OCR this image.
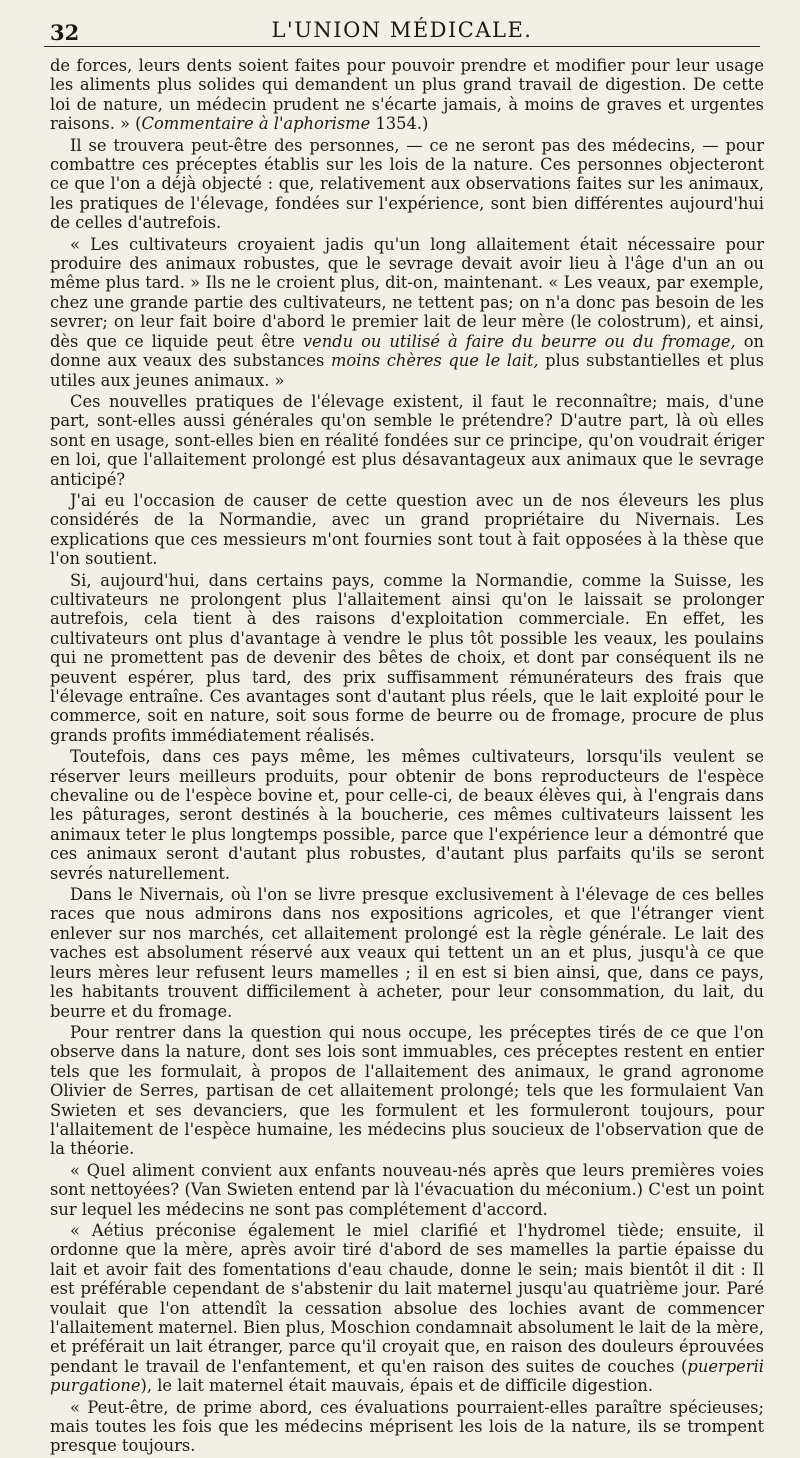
32	L'UNION MÉDICALE.

de forces, leurs dents soient faites pour pouvoir prendre et modifier pour leur usage les aliments plus solides qui demandent un plus grand travail de digestion. De cette loi de nature, un médecin prudent ne s'écarte jamais, à moins de graves et urgentes raisons. » (Commentaire à l'aphorisme 1354.)

Il se trouvera peut-être des personnes, — ce ne seront pas des médecins, — pour combattre ces préceptes établis sur les lois de la nature. Ces personnes objecteront ce que l'on a déjà objecté : que, relativement aux observations faites sur les animaux, les pratiques de l'élevage, fondées sur l'expérience, sont bien différentes aujourd'hui de celles d'autrefois.

« Les cultivateurs croyaient jadis qu'un long allaitement était nécessaire pour produire des animaux robustes, que le sevrage devait avoir lieu à l'âge d'un an ou même plus tard. » Ils ne le croient plus, dit-on, maintenant. « Les veaux, par exemple, chez une grande partie des cultivateurs, ne tettent pas; on n'a donc pas besoin de les sevrer; on leur fait boire d'abord le premier lait de leur mère (le colostrum), et ainsi, dès que ce liquide peut être vendu ou utilisé à faire du beurre ou du fromage, on donne aux veaux des substances moins chères que le lait, plus substantielles et plus utiles aux jeunes animaux. »

Ces nouvelles pratiques de l'élevage existent, il faut le reconnaître; mais, d'une part, sont-elles aussi générales qu'on semble le prétendre? D'autre part, là où elles sont en usage, sont-elles bien en réalité fondées sur ce principe, qu'on voudrait ériger en loi, que l'allaitement prolongé est plus désavantageux aux animaux que le sevrage anticipé?

J'ai eu l'occasion de causer de cette question avec un de nos éleveurs les plus considérés de la Normandie, avec un grand propriétaire du Nivernais. Les explications que ces messieurs m'ont fournies sont tout à fait opposées à la thèse que l'on soutient.

Si, aujourd'hui, dans certains pays, comme la Normandie, comme la Suisse, les cultivateurs ne prolongent plus l'allaitement ainsi qu'on le laissait se prolonger autrefois, cela tient à des raisons d'exploitation commerciale. En effet, les cultivateurs ont plus d'avantage à vendre le plus tôt possible les veaux, les poulains qui ne promettent pas de devenir des bêtes de choix, et dont par conséquent ils ne peuvent espérer, plus tard, des prix suffisamment rémunérateurs des frais que l'élevage entraîne. Ces avantages sont d'autant plus réels, que le lait exploité pour le commerce, soit en nature, soit sous forme de beurre ou de fromage, procure de plus grands profits immédiatement réalisés.

Toutefois, dans ces pays même, les mêmes cultivateurs, lorsqu'ils veulent se réserver leurs meilleurs produits, pour obtenir de bons reproducteurs de l'espèce chevaline ou de l'espèce bovine et, pour celle-ci, de beaux élèves qui, à l'engrais dans les pâturages, seront destinés à la boucherie, ces mêmes cultivateurs laissent les animaux teter le plus longtemps possible, parce que l'expérience leur a démontré que ces animaux seront d'autant plus robustes, d'autant plus parfaits qu'ils se seront sevrés naturellement.

Dans le Nivernais, où l'on se livre presque exclusivement à l'élevage de ces belles races que nous admirons dans nos expositions agricoles, et que l'étranger vient enlever sur nos marchés, cet allaitement prolongé est la règle générale. Le lait des vaches est absolument réservé aux veaux qui tettent un an et plus, jusqu'à ce que leurs mères leur refusent leurs mamelles ; il en est si bien ainsi, que, dans ce pays, les habitants trouvent difficilement à acheter, pour leur consommation, du lait, du beurre et du fromage.

Pour rentrer dans la question qui nous occupe, les préceptes tirés de ce que l'on observe dans la nature, dont ses lois sont immuables, ces préceptes restent en entier tels que les formulait, à propos de l'allaitement des animaux, le grand agronome Olivier de Serres, partisan de cet allaitement prolongé; tels que les formulaient Van Swieten et ses devanciers, que les formulent et les formuleront toujours, pour l'allaitement de l'espèce humaine, les médecins plus soucieux de l'observation que de la théorie.

« Quel aliment convient aux enfants nouveau-nés après que leurs premières voies sont nettoyées? (Van Swieten entend par là l'évacuation du méconium.) C'est un point sur lequel les médecins ne sont pas complétement d'accord.

« Aétius préconise également le miel clarifié et l'hydromel tiède; ensuite, il ordonne que la mère, après avoir tiré d'abord de ses mamelles la partie épaisse du lait et avoir fait des fomentations d'eau chaude, donne le sein; mais bientôt il dit : Il est préférable cependant de s'abstenir du lait maternel jusqu'au quatrième jour. Paré voulait que l'on attendît la cessation absolue des lochies avant de commencer l'allaitement maternel. Bien plus, Moschion condamnait absolument le lait de la mère, et préférait un lait étranger, parce qu'il croyait que, en raison des douleurs éprouvées pendant le travail de l'enfantement, et qu'en raison des suites de couches (puerperii purgatione), le lait maternel était mauvais, épais et de difficile digestion.

« Peut-être, de prime abord, ces évaluations pourraient-elles paraître spécieuses; mais toutes les fois que les médecins méprisent les lois de la nature, ils se trompent presque toujours.
